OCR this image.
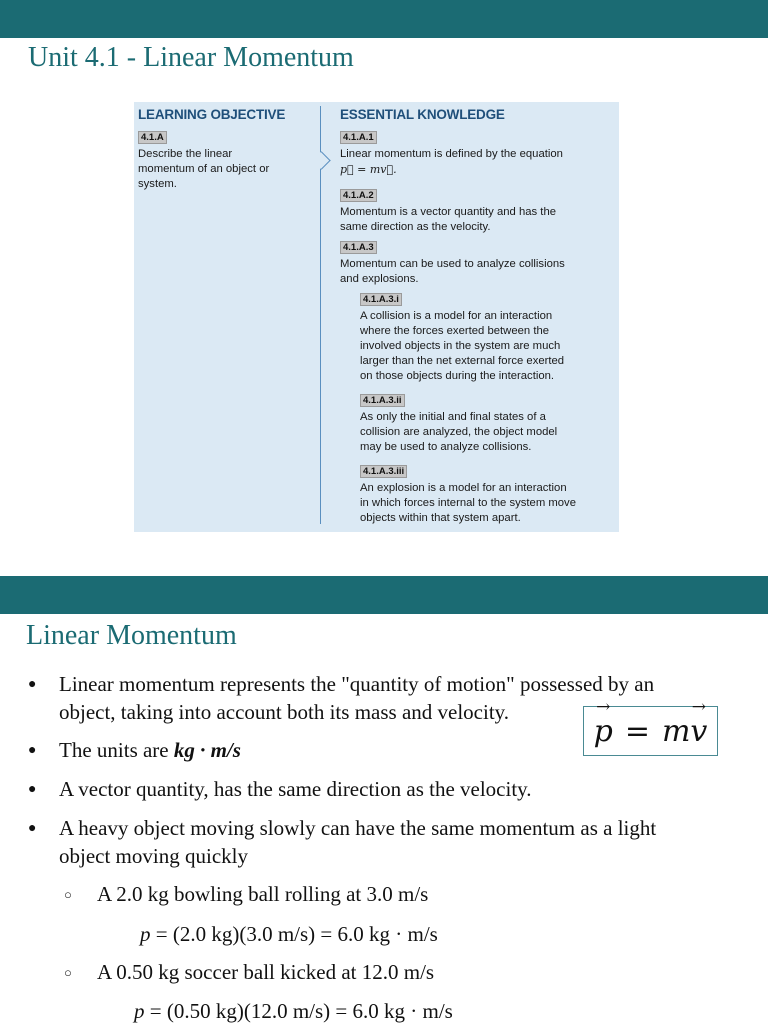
Unit 4.1 - Linear Momentum
LEARNING OBJECTIVE	ESSENTIAL KNOWLEDGE
4.1.A
Describe the linear
momentum of an object or
system.
4.1.A.1
Linear momentum is defined by the equation
p⃗ = mv⃗.
4.1.A.2
Momentum is a vector quantity and has the
same direction as the velocity.
4.1.A.3
Momentum can be used to analyze collisions
and explosions.
4.1.A.3.i
A collision is a model for an interaction
where the forces exerted between the
involved objects in the system are much
larger than the net external force exerted
on those objects during the interaction.
4.1.A.3.ii
As only the initial and final states of a
collision are analyzed, the object model
may be used to analyze collisions.
4.1.A.3.iii
An explosion is a model for an interaction
in which forces internal to the system move
objects within that system apart.
Linear Momentum
● Linear momentum represents the "quantity of motion" possessed by an
object, taking into account both its mass and velocity.
→ p = m
→ v
● The units are kg · m/s
● A vector quantity, has the same direction as the velocity.
● A heavy object moving slowly can have the same momentum as a light
object moving quickly
○ A 2.0 kg bowling ball rolling at 3.0 m/s
p = (2.0 kg)(3.0 m/s) = 6.0 kg · m/s
○ A 0.50 kg soccer ball kicked at 12.0 m/s
p = (0.50 kg)(12.0 m/s) = 6.0 kg · m/s
